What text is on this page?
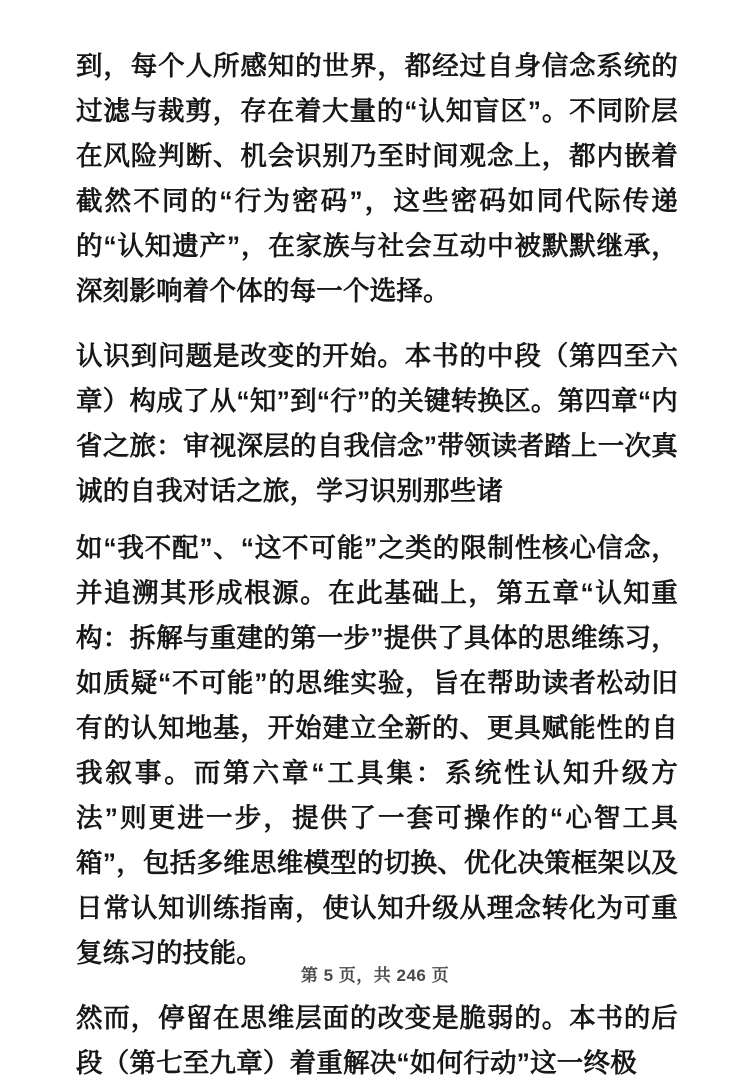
到，每个人所感知的世界，都经过自身信念系统的过滤与裁剪，存在着大量的“认知盲区”。不同阶层在风险判断、机会识别乃至时间观念上，都内嵌着截然不同的“行为密码”，这些密码如同代际传递的“认知遗产”，在家族与社会互动中被默默继承，深刻影响着个体的每一个选择。

认识到问题是改变的开始。本书的中段（第四至六章）构成了从“知”到“行”的关键转换区。第四章“内省之旅：审视深层的自我信念”带领读者踏上一次真诚的自我对话之旅，学习识别那些诸

如“我不配”、“这不可能”之类的限制性核心信念，并追溯其形成根源。在此基础上，第五章“认知重构：拆解与重建的第一步”提供了具体的思维练习，如质疑“不可能”的思维实验，旨在帮助读者松动旧有的认知地基，开始建立全新的、更具赋能性的自我叙事。而第六章“工具集：系统性认知升级方法”则更进一步，提供了一套可操作的“心智工具箱”，包括多维思维模型的切换、优化决策框架以及日常认知训练指南，使认知升级从理念转化为可重复练习的技能。

然而，停留在思维层面的改变是脆弱的。本书的后段（第七至九章）着重解决“如何行动”这一终极

第 5 页，共 246 页
